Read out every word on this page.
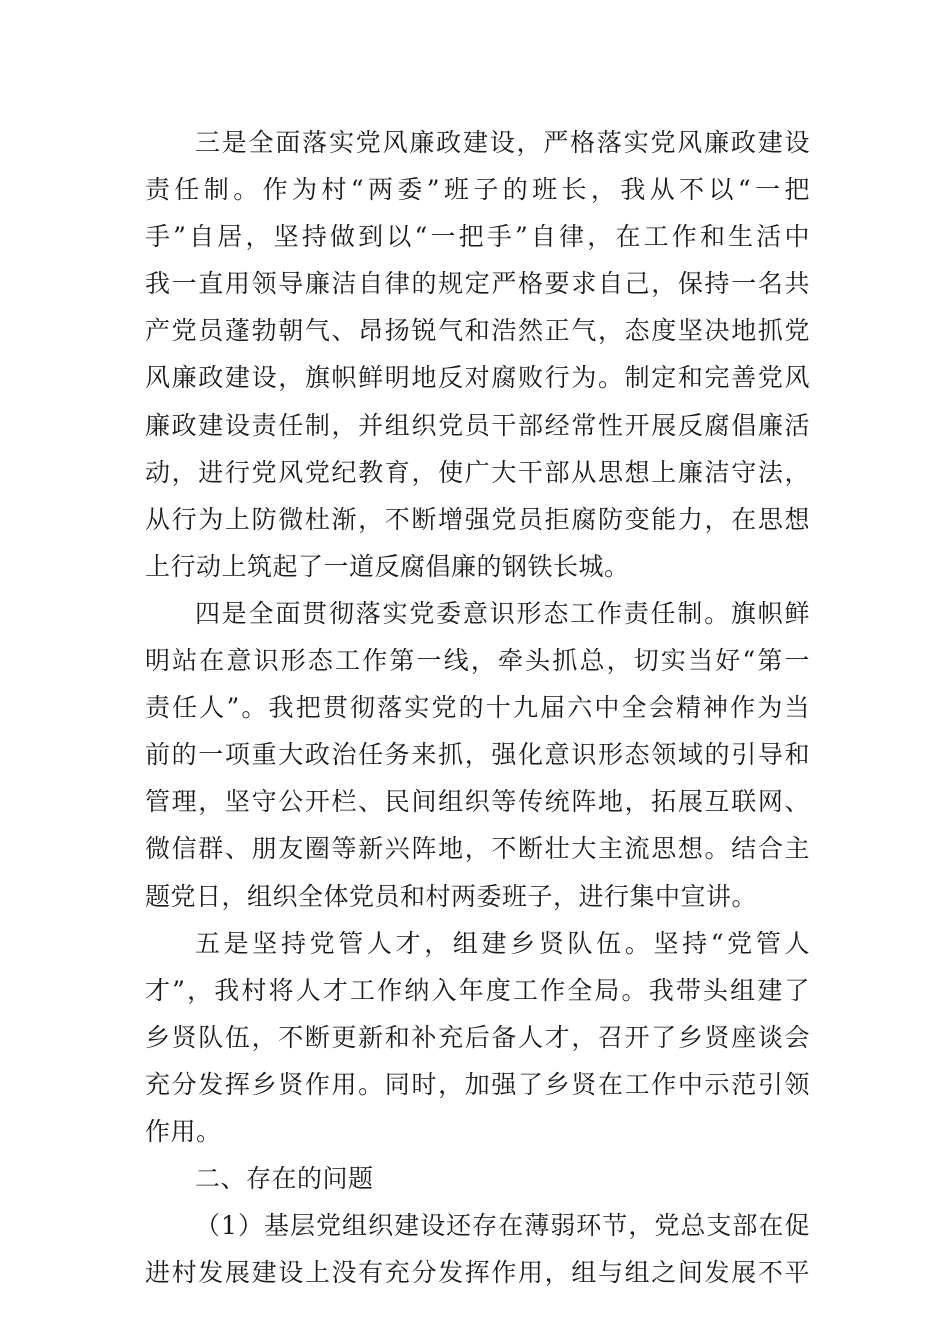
三是全面落实党风廉政建设，严格落实党风廉政建设
责任制。作为村“两委”班子的班长，我从不以“一把
手”自居，坚持做到以“一把手”自律，在工作和生活中
我一直用领导廉洁自律的规定严格要求自己，保持一名共
产党员蓬勃朝气、昂扬锐气和浩然正气，态度坚决地抓党
风廉政建设，旗帜鲜明地反对腐败行为。制定和完善党风
廉政建设责任制，并组织党员干部经常性开展反腐倡廉活
动，进行党风党纪教育，使广大干部从思想上廉洁守法，
从行为上防微杜渐，不断增强党员拒腐防变能力，在思想
上行动上筑起了一道反腐倡廉的钢铁长城。
四是全面贯彻落实党委意识形态工作责任制。旗帜鲜
明站在意识形态工作第一线，牵头抓总，切实当好“第一
责任人”。我把贯彻落实党的十九届六中全会精神作为当
前的一项重大政治任务来抓，强化意识形态领域的引导和
管理，坚守公开栏、民间组织等传统阵地，拓展互联网、
微信群、朋友圈等新兴阵地，不断壮大主流思想。结合主
题党日，组织全体党员和村两委班子，进行集中宣讲。
五是坚持党管人才，组建乡贤队伍。坚持“党管人
才”，我村将人才工作纳入年度工作全局。我带头组建了
乡贤队伍，不断更新和补充后备人才，召开了乡贤座谈会
充分发挥乡贤作用。同时，加强了乡贤在工作中示范引领
作用。
二、存在的问题
（1）基层党组织建设还存在薄弱环节，党总支部在促
进村发展建设上没有充分发挥作用，组与组之间发展不平
